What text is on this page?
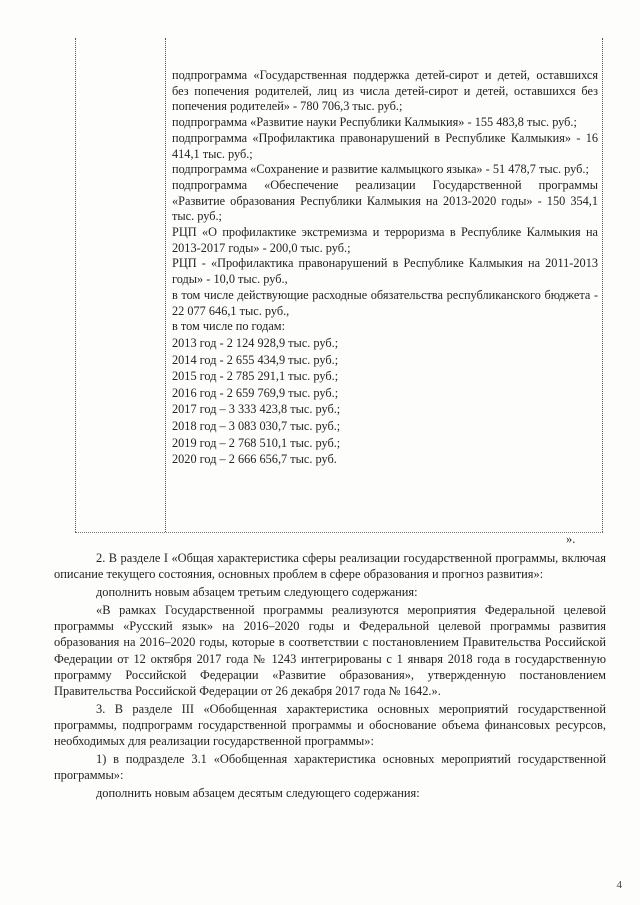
подпрограмма «Государственная поддержка детей-сирот и детей, оставшихся без попечения родителей, лиц из числа детей-сирот и детей, оставшихся без попечения родителей» - 780 706,3 тыс. руб.;

подпрограмма «Развитие науки Республики Калмыкия» - 155 483,8 тыс. руб.;

подпрограмма «Профилактика правонарушений в Республике Калмыкия» - 16 414,1 тыс. руб.;

подпрограмма «Сохранение и развитие калмыцкого языка» - 51 478,7 тыс. руб.;

подпрограмма «Обеспечение реализации Государственной программы «Развитие образования Республики Калмыкия на 2013-2020 годы» - 150 354,1 тыс. руб.;

РЦП «О профилактике экстремизма и терроризма в Республике Калмыкия на 2013-2017 годы» - 200,0 тыс. руб.;

РЦП - «Профилактика правонарушений в Республике Калмыкия на 2011-2013 годы» - 10,0 тыс. руб.,

в том числе действующие расходные обязательства республиканского бюджета - 22 077 646,1 тыс. руб.,

в том числе по годам:

2013 год - 2 124 928,9 тыс. руб.;

2014 год - 2 655 434,9 тыс. руб.;

2015 год - 2 785 291,1 тыс. руб.;

2016 год - 2 659 769,9 тыс. руб.;

2017 год – 3 333 423,8 тыс. руб.;

2018 год – 3 083 030,7 тыс. руб.;

2019 год – 2 768 510,1 тыс. руб.;

2020 год – 2 666 656,7 тыс. руб.

».

2. В разделе I «Общая характеристика сферы реализации государственной программы, включая описание текущего состояния, основных проблем в сфере образования и прогноз развития»:

дополнить новым абзацем третьим следующего содержания:

«В рамках Государственной программы реализуются мероприятия Федеральной целевой программы «Русский язык» на 2016–2020 годы и Федеральной целевой программы развития образования на 2016–2020 годы, которые в соответствии с постановлением Правительства Российской Федерации от 12 октября 2017 года № 1243 интегрированы с 1 января 2018 года в государственную программу Российской Федерации «Развитие образования», утвержденную постановлением Правительства Российской Федерации от 26 декабря 2017 года № 1642.».

3. В разделе III «Обобщенная характеристика основных мероприятий государственной программы, подпрограмм государственной программы и обоснование объема финансовых ресурсов, необходимых для реализации государственной программы»:

1) в подразделе 3.1 «Обобщенная характеристика основных мероприятий государственной программы»:

дополнить новым абзацем десятым следующего содержания:

4
